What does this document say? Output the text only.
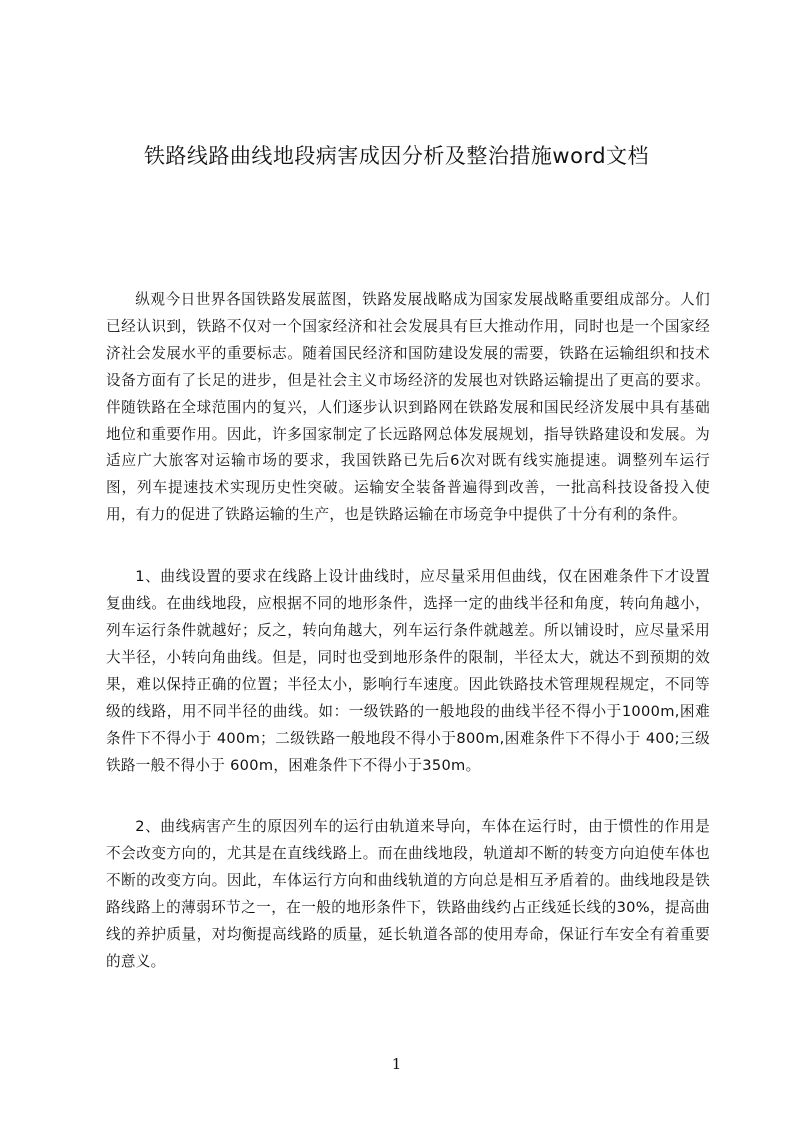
铁路线路曲线地段病害成因分析及整治措施word文档

纵观今日世界各国铁路发展蓝图，铁路发展战略成为国家发展战略重要组成部分。人们已经认识到，铁路不仅对一个国家经济和社会发展具有巨大推动作用，同时也是一个国家经济社会发展水平的重要标志。随着国民经济和国防建设发展的需要，铁路在运输组织和技术设备方面有了长足的进步，但是社会主义市场经济的发展也对铁路运输提出了更高的要求。伴随铁路在全球范围内的复兴，人们逐步认识到路网在铁路发展和国民经济发展中具有基础地位和重要作用。因此，许多国家制定了长远路网总体发展规划，指导铁路建设和发展。为适应广大旅客对运输市场的要求，我国铁路已先后6次对既有线实施提速。调整列车运行图，列车提速技术实现历史性突破。运输安全装备普遍得到改善，一批高科技设备投入使用，有力的促进了铁路运输的生产，也是铁路运输在市场竞争中提供了十分有利的条件。

1、曲线设置的要求在线路上设计曲线时，应尽量采用但曲线，仅在困难条件下才设置复曲线。在曲线地段，应根据不同的地形条件，选择一定的曲线半径和角度，转向角越小，列车运行条件就越好；反之，转向角越大，列车运行条件就越差。所以铺设时，应尽量采用大半径，小转向角曲线。但是，同时也受到地形条件的限制，半径太大，就达不到预期的效果，难以保持正确的位置；半径太小，影响行车速度。因此铁路技术管理规程规定，不同等级的线路，用不同半径的曲线。如：一级铁路的一般地段的曲线半径不得小于1000m,困难条件下不得小于 400m；二级铁路一般地段不得小于800m,困难条件下不得小于 400;三级铁路一般不得小于 600m，困难条件下不得小于350m。

2、曲线病害产生的原因列车的运行由轨道来导向，车体在运行时，由于惯性的作用是不会改变方向的，尤其是在直线线路上。而在曲线地段，轨道却不断的转变方向迫使车体也不断的改变方向。因此，车体运行方向和曲线轨道的方向总是相互矛盾着的。曲线地段是铁路线路上的薄弱环节之一，在一般的地形条件下，铁路曲线约占正线延长线的30%，提高曲线的养护质量，对均衡提高线路的质量，延长轨道各部的使用寿命，保证行车安全有着重要的意义。

1
